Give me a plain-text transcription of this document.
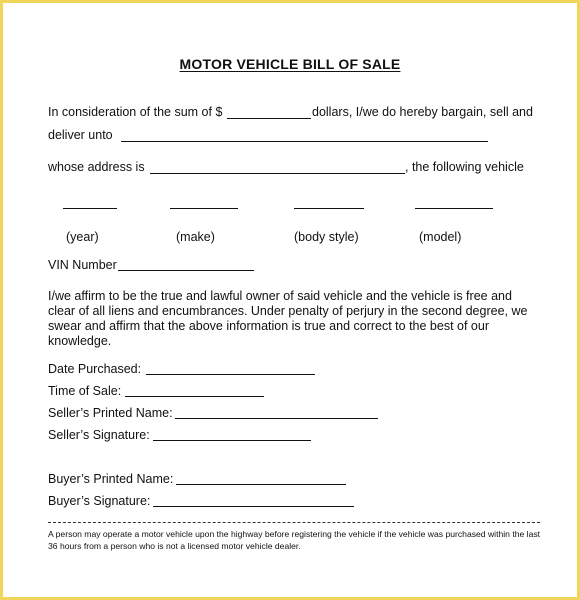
MOTOR VEHICLE BILL OF SALE
In consideration of the sum of $	dollars, I/we do hereby bargain, sell and
deliver unto
whose address is	, the following vehicle
(year)	(make)	(body style)	(model)
VIN Number
I/we affirm to be the true and lawful owner of said vehicle and the vehicle is free and clear of all liens and encumbrances. Under penalty of perjury in the second degree, we swear and affirm that the above information is true and correct to the best of our knowledge.
Date Purchased:
Time of Sale:
Seller’s Printed Name:
Seller’s Signature:
Buyer’s Printed Name:
Buyer’s Signature:
A person may operate a motor vehicle upon the highway before registering the vehicle if the vehicle was purchased within the last 36 hours from a person who is not a licensed motor vehicle dealer.
